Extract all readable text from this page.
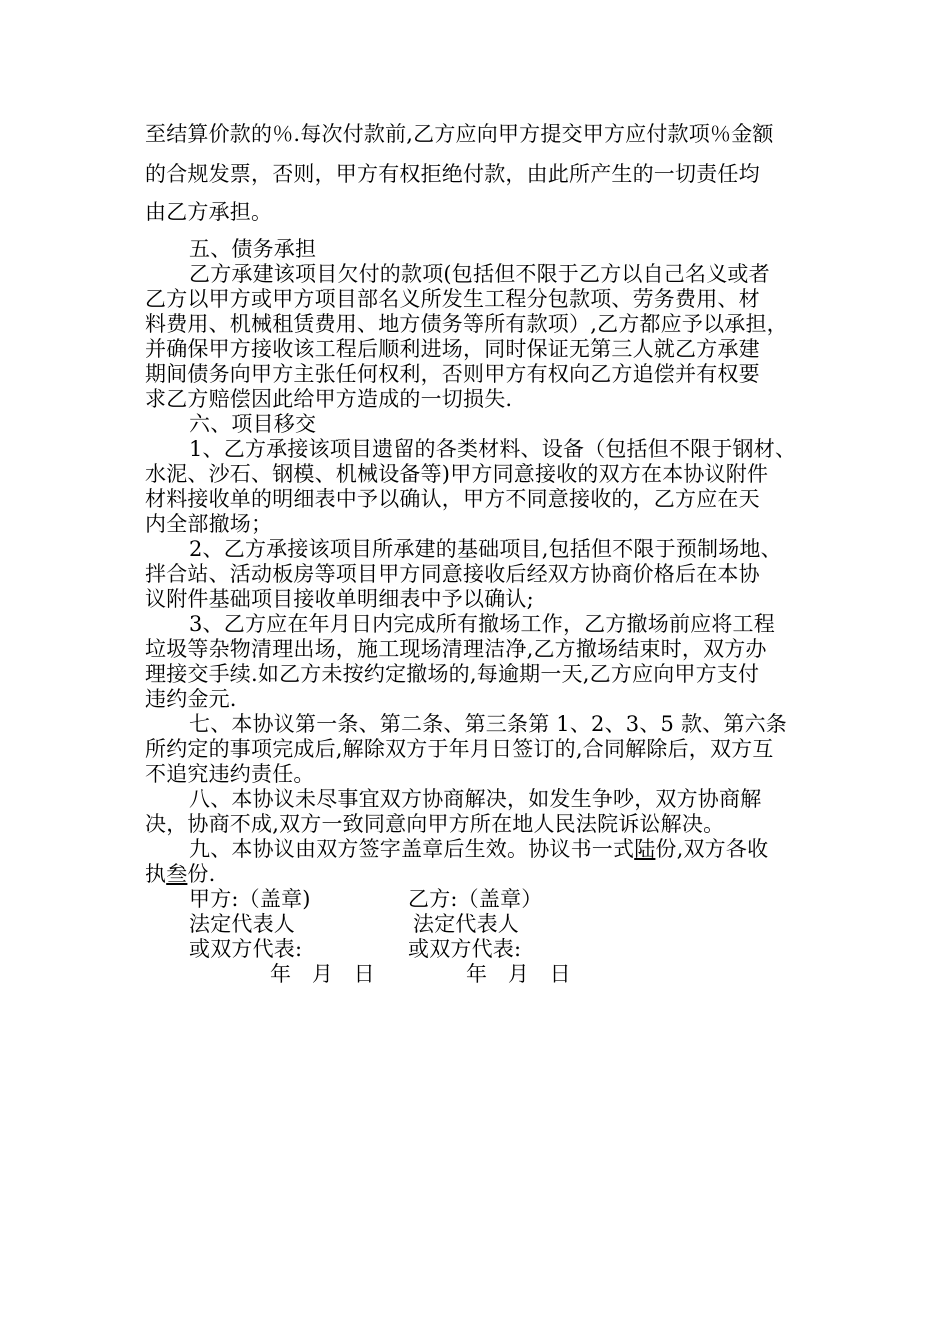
至结算价款的％.每次付款前,乙方应向甲方提交甲方应付款项％金额
的合规发票，否则，甲方有权拒绝付款，由此所产生的一切责任均
由乙方承担。
五、债务承担
乙方承建该项目欠付的款项(包括但不限于乙方以自己名义或者
乙方以甲方或甲方项目部名义所发生工程分包款项、劳务费用、材
料费用、机械租赁费用、地方债务等所有款项）,乙方都应予以承担，
并确保甲方接收该工程后顺利进场，同时保证无第三人就乙方承建
期间债务向甲方主张任何权利，否则甲方有权向乙方追偿并有权要
求乙方赔偿因此给甲方造成的一切损失.
六、项目移交
1、乙方承接该项目遗留的各类材料、设备（包括但不限于钢材、
水泥、沙石、钢模、机械设备等)甲方同意接收的双方在本协议附件
材料接收单的明细表中予以确认，甲方不同意接收的，乙方应在天
内全部撤场；
2、乙方承接该项目所承建的基础项目,包括但不限于预制场地、
拌合站、活动板房等项目甲方同意接收后经双方协商价格后在本协
议附件基础项目接收单明细表中予以确认;
3、乙方应在年月日内完成所有撤场工作，乙方撤场前应将工程
垃圾等杂物清理出场，施工现场清理洁净,乙方撤场结束时，双方办
理接交手续.如乙方未按约定撤场的,每逾期一天,乙方应向甲方支付
违约金元.
七、本协议第一条、第二条、第三条第 1、2、3、5 款、第六条
所约定的事项完成后,解除双方于年月日签订的,合同解除后，双方互
不追究违约责任。
八、本协议未尽事宜双方协商解决，如发生争吵，双方协商解
决，协商不成,双方一致同意向甲方所在地人民法院诉讼解决。
九、本协议由双方签字盖章后生效。协议书一式陆份,双方各收
执叁份.
甲方:（盖章)	乙方:（盖章）
法定代表人	法定代表人
或双方代表:	或双方代表:
年   月   日	年   月   日
